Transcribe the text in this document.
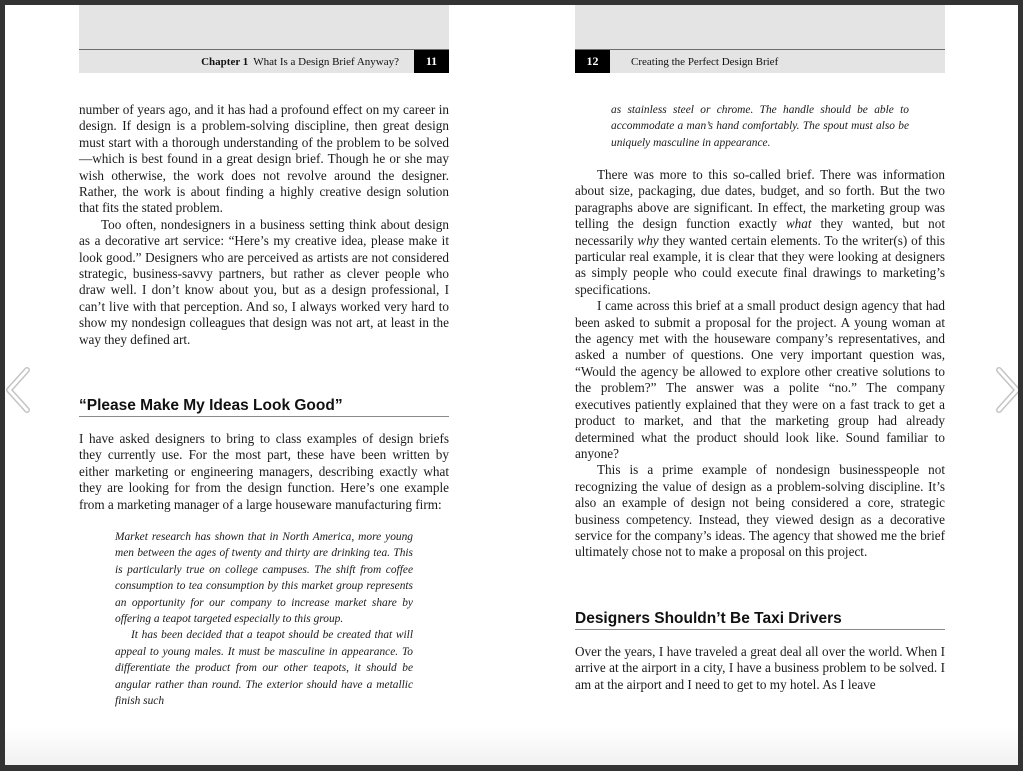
Chapter 1 What Is a Design Brief Anyway?	11

number of years ago, and it has had a profound effect on my career in design. If design is a problem-solving discipline, then great design must start with a thorough understanding of the problem to be solved—which is best found in a great design brief. Though he or she may wish otherwise, the work does not revolve around the designer. Rather, the work is about finding a highly creative design solution that fits the stated problem.

Too often, nondesigners in a business setting think about design as a decorative art service: “Here’s my creative idea, please make it look good.” Designers who are perceived as artists are not considered strategic, business-savvy partners, but rather as clever people who draw well. I don’t know about you, but as a design professional, I can’t live with that perception. And so, I always worked very hard to show my nondesign colleagues that design was not art, at least in the way they defined art.

“Please Make My Ideas Look Good”

I have asked designers to bring to class examples of design briefs they currently use. For the most part, these have been written by either marketing or engineering managers, describing exactly what they are looking for from the design function. Here’s one example from a marketing manager of a large houseware manufacturing firm:

Market research has shown that in North America, more young men between the ages of twenty and thirty are drinking tea. This is particularly true on college campuses. The shift from coffee consumption to tea consumption by this market group represents an opportunity for our company to increase market share by offering a teapot targeted especially to this group.

It has been decided that a teapot should be created that will appeal to young males. It must be masculine in appearance. To differentiate the product from our other teapots, it should be angular rather than round. The exterior should have a metallic finish such

12	Creating the Perfect Design Brief

as stainless steel or chrome. The handle should be able to accommodate a man’s hand comfortably. The spout must also be uniquely masculine in appearance.

There was more to this so-called brief. There was information about size, packaging, due dates, budget, and so forth. But the two paragraphs above are significant. In effect, the marketing group was telling the design function exactly what they wanted, but not necessarily why they wanted certain elements. To the writer(s) of this particular real example, it is clear that they were looking at designers as simply people who could execute final drawings to marketing’s specifications.

I came across this brief at a small product design agency that had been asked to submit a proposal for the project. A young woman at the agency met with the houseware company’s representatives, and asked a number of questions. One very important question was, “Would the agency be allowed to explore other creative solutions to the problem?” The answer was a polite “no.” The company executives patiently explained that they were on a fast track to get a product to market, and that the marketing group had already determined what the product should look like. Sound familiar to anyone?

This is a prime example of nondesign businesspeople not recognizing the value of design as a problem-solving discipline. It’s also an example of design not being considered a core, strategic business competency. Instead, they viewed design as a decorative service for the company’s ideas. The agency that showed me the brief ultimately chose not to make a proposal on this project.

Designers Shouldn’t Be Taxi Drivers

Over the years, I have traveled a great deal all over the world. When I arrive at the airport in a city, I have a business problem to be solved. I am at the airport and I need to get to my hotel. As I leave
